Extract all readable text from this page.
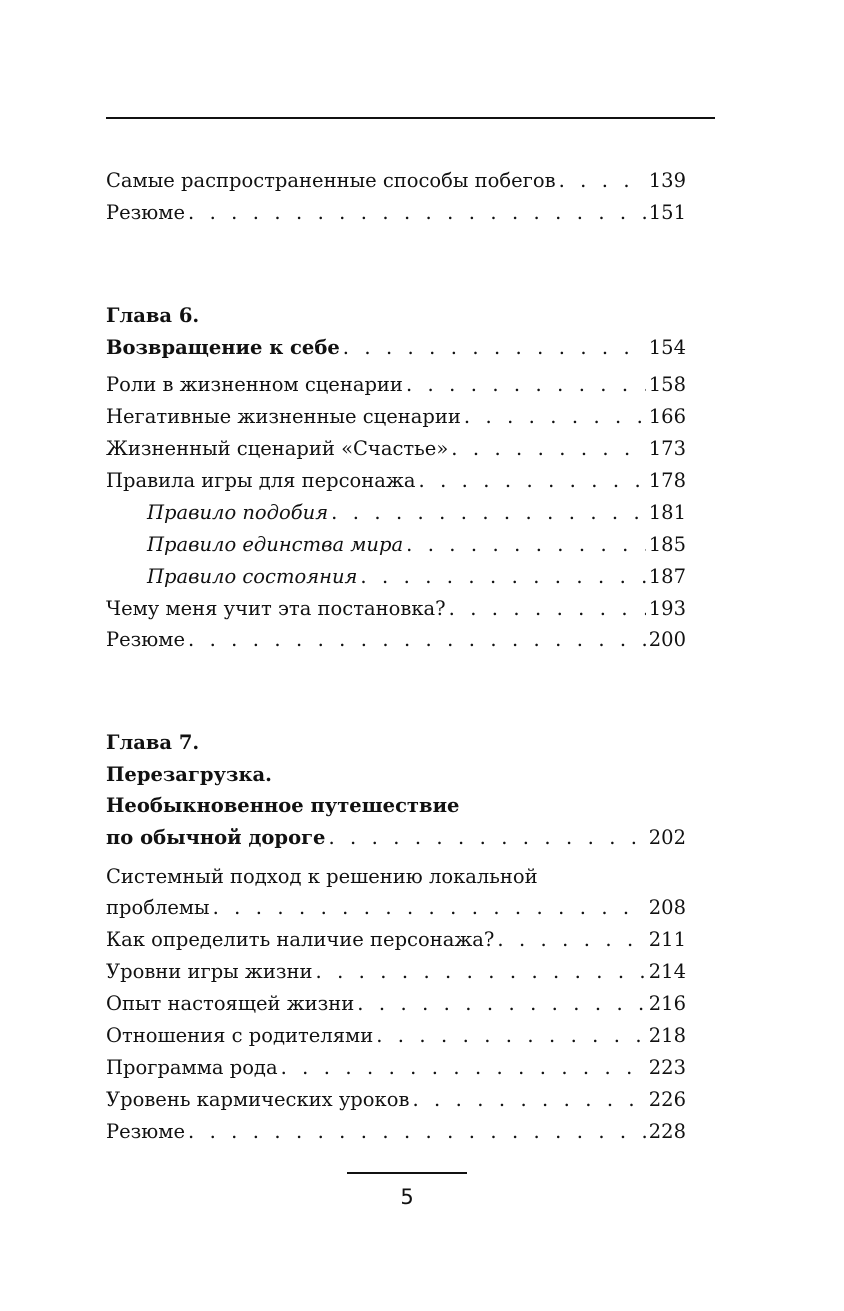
Самые распространенные способы побегов . . .	139
Резюме . . .	151
Глава 6.
Возвращение к себе . . .	154
Роли в жизненном сценарии . . .	158
Негативные жизненные сценарии . . .	166
Жизненный сценарий «Счастье» . . .	173
Правила игры для персонажа . . .	178
Правило подобия . . .	181
Правило единства мира . . .	185
Правило состояния . . .	187
Чему меня учит эта постановка? . . .	193
Резюме . . .	200
Глава 7.
Перезагрузка.
Необыкновенное путешествие
по обычной дороге . . .	202
Системный подход к решению локальной
проблемы . . .	208
Как определить наличие персонажа? . . .	211
Уровни игры жизни . . .	214
Опыт настоящей жизни . . .	216
Отношения с родителями . . .	218
Программа рода . . .	223
Уровень кармических уроков . . .	226
Резюме . . .	228
5
